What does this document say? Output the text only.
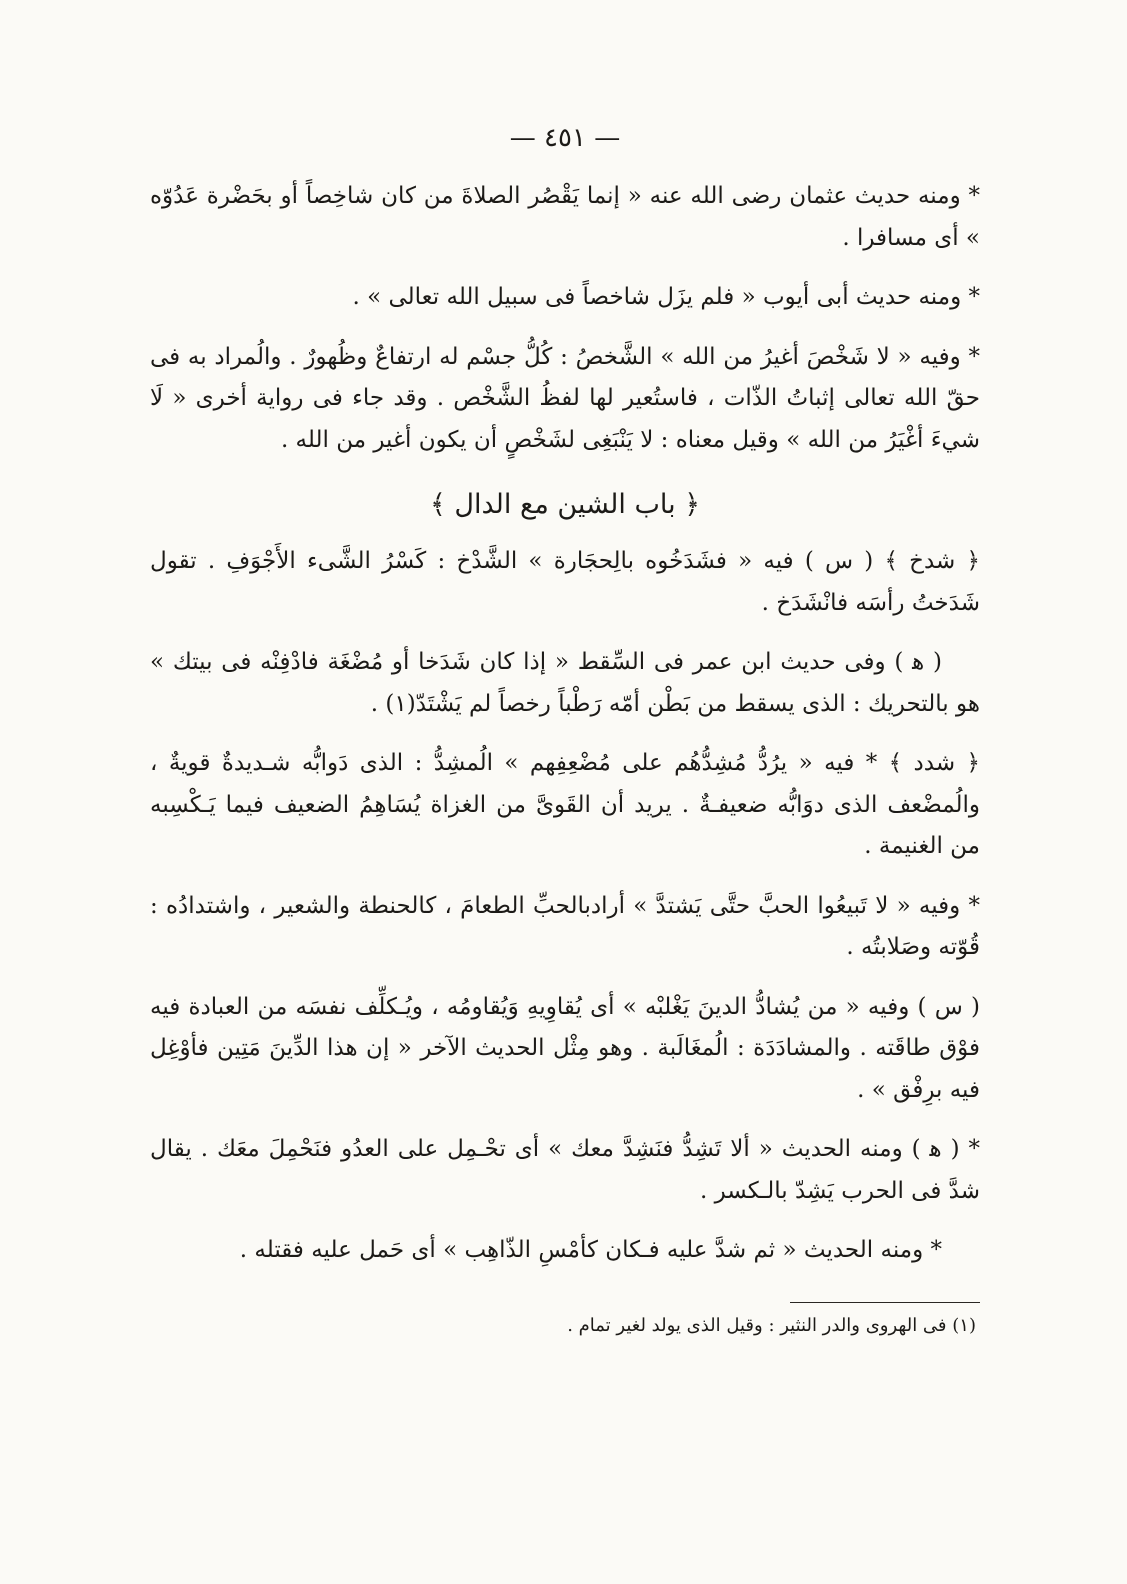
— ٤٥١ —

* ومنه حديث عثمان رضى الله عنه « إنما يَقْصُر الصلاةَ من كان شاخِصاً أو بحَضْرة عَدُوّه » أى مسافرا .

* ومنه حديث أبى أيوب « فلم يزَل شاخصاً فى سبيل الله تعالى » .

* وفيه « لا شَخْصَ أغيرُ من الله » الشَّخصُ : كُلُّ جسْم له ارتفاعٌ وظُهورٌ . والُمراد به فى حقّ الله تعالى إثباتُ الذّات ، فاستُعير لها لفظُ الشَّخْص . وقد جاء فى رواية أخرى « لَا شيءَ أغْيَرُ من الله » وقيل معناه : لا يَنْبَغِى لشَخْصٍ أن يكون أغير من الله .

﴿ باب الشين مع الدال ﴾

﴿ شدخ ﴾ ( س ) فيه « فشَدَخُوه بالِحجَارة » الشَّدْخ : كَسْرُ الشَّىء الأَجْوَفِ . تقول شَدَختُ رأسَه فانْشَدَخ .

( ﻫ ) وفى حديث ابن عمر فى السِّقط « إذا كان شَدَخا أو مُضْغَة فادْفِنْه فى بيتك » هو بالتحريك : الذى يسقط من بَطْن أمّه رَطْباً رخصاً لم يَشْتَدّ(١) .

﴿ شدد ﴾ * فيه « يرُدُّ مُشِدُّهُم على مُضْعِفِهم » الُمشِدُّ : الذى دَوابُّه شـديدةٌ قويةٌ ، والُمضْعف الذى دوَابُّه ضعيفـةٌ . يريد أن القَوىَّ من الغزاة يُسَاهِمُ الضعيف فيما يَـكْسِبه من الغنيمة .

* وفيه « لا تَبيعُوا الحبَّ حتَّى يَشتدَّ » أرادبالحبِّ الطعامَ ، كالحنطة والشعير ، واشتدادُه : قُوّته وصَلابتُه .

( س ) وفيه « من يُشادُّ الدينَ يَغْلبْه » أى يُقاوِيهِ وَيُقاومُه ، ويُـكلِّف نفسَه من العبادة فيه فوْق طاقَته . والمشادَدَة : الُمغَالَبة . وهو مِثْل الحديث الآخر « إن هذا الدِّينَ مَتِين فأوْغِل فيه برِفْق » .

* ( ﻫ ) ومنه الحديث « ألا تَشِدُّ فنَشِدَّ معك » أى تحْـمِل على العدُو فنَحْمِلَ معَك . يقال شدَّ فى الحرب يَشِدّ بالـكسر .

* ومنه الحديث « ثم شدَّ عليه فـكان كأمْسِ الذّاهِب » أى حَمل عليه فقتله .

(١) فى الهروى والدر النثير : وقيل الذى يولد لغير تمام .
